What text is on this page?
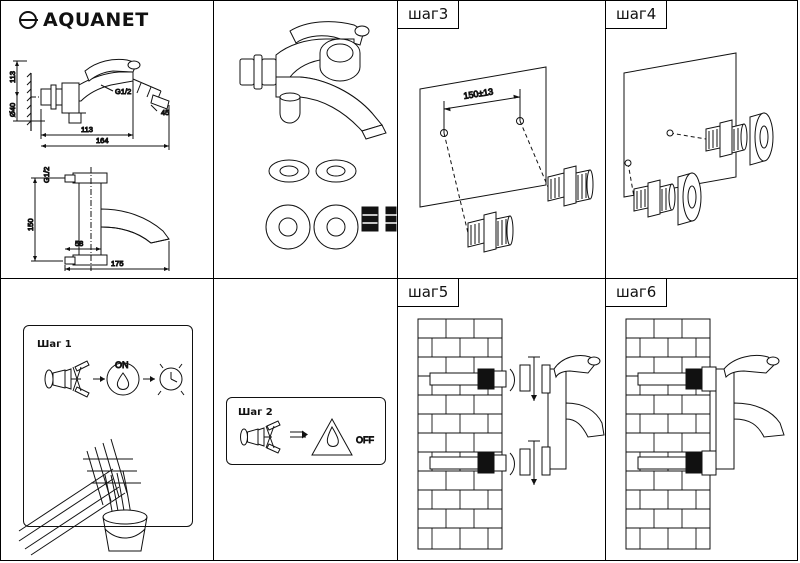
AQUANET
113
Ø40
G1/2
45
113
164
G1/2
150
58
175
шаг3
150±13
шаг4
Шаг 1
ON
Шаг 2
OFF
шаг5	шаг6
